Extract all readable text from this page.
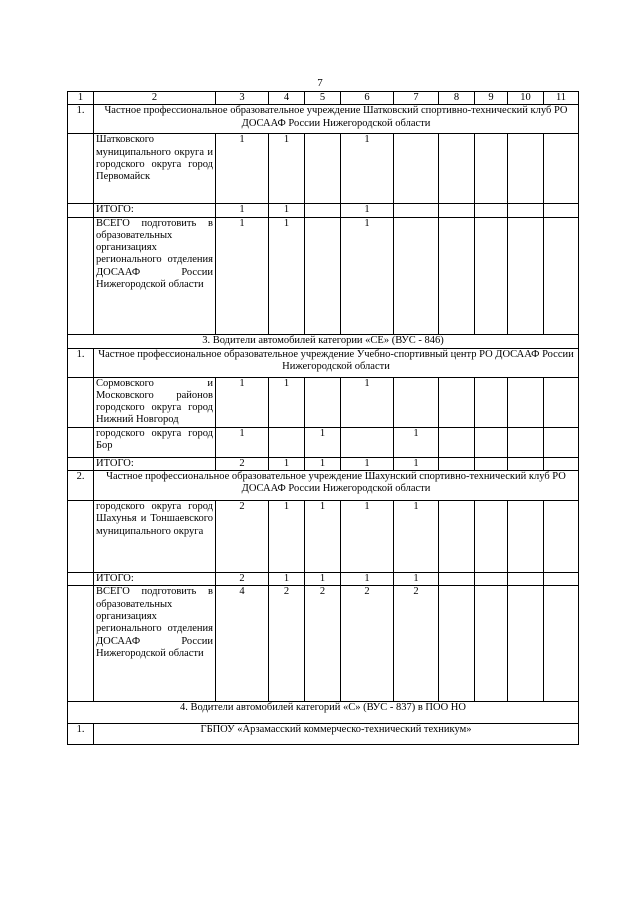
7
1	2	3	4	5	6	7	8	9	10	11
1.	Частное профессиональное образовательное учреждение Шатковский спортивно-технический клуб РО ДОСААФ России Нижегородской области									
	Шатковского муниципального округа и городского округа город Первомайск	1	1		1					
	ИТОГО:	1	1		1					
	ВСЕГО подготовить в образовательных организациях регионального отделения ДОСААФ России Нижегородской области	1	1		1					
3. Водители автомобилей категории «СЕ» (ВУС - 846)										
1.	Частное профессиональное образовательное учреждение Учебно-спортивный центр РО ДОСААФ России Нижегородской области									
	Сормовского и Московского районов городского округа город Нижний Новгород	1	1		1					
	городского округа город Бор	1		1		1				
	ИТОГО:	2	1	1	1	1				
2.	Частное профессиональное образовательное учреждение Шахунский спортивно-технический клуб РО ДОСААФ России Нижегородской области									
	городского округа город Шахунья и Тоншаевского муниципального округа	2	1	1	1	1				
	ИТОГО:	2	1	1	1	1				
	ВСЕГО подготовить в образовательных организациях регионального отделения ДОСААФ России Нижегородской области	4	2	2	2	2				
4. Водители автомобилей категорий «С» (ВУС - 837) в ПОО НО										
1.	ГБПОУ «Арзамасский коммерческо-технический техникум»									
